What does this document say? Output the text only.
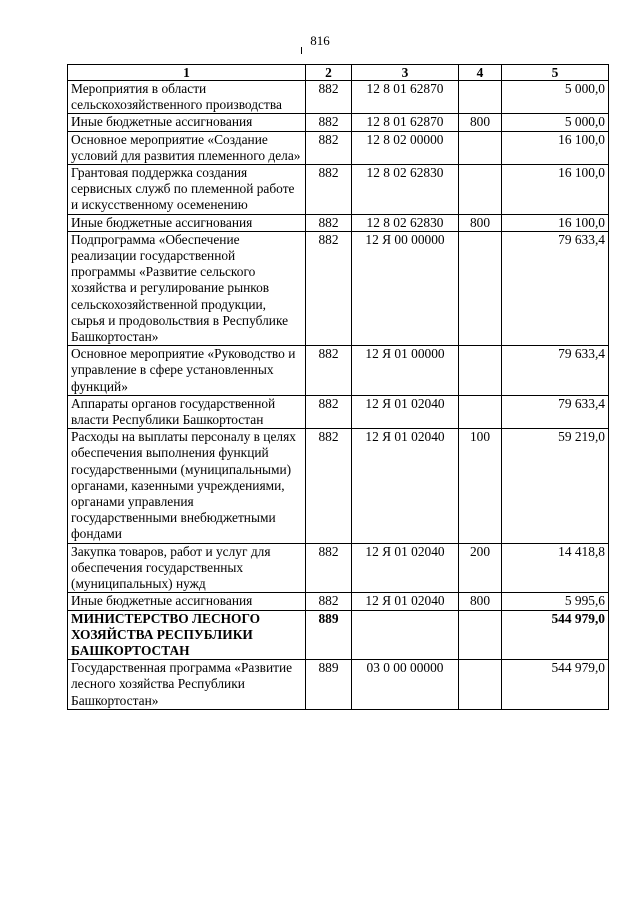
816
1	2	3	4	5
Мероприятия в области сельскохозяйственного производства	882	12 8 01 62870		5 000,0
Иные бюджетные ассигнования	882	12 8 01 62870	800	5 000,0
Основное мероприятие «Создание условий для развития племенного дела»	882	12 8 02 00000		16 100,0
Грантовая поддержка создания сервисных служб по племенной работе и искусственному осеменению	882	12 8 02 62830		16 100,0
Иные бюджетные ассигнования	882	12 8 02 62830	800	16 100,0
Подпрограмма «Обеспечение реализации государственной программы «Развитие сельского хозяйства и регулирование рынков сельскохозяйственной продукции, сырья и продовольствия в Республике Башкортостан»	882	12 Я 00 00000		79 633,4
Основное мероприятие «Руководство и управление в сфере установленных функций»	882	12 Я 01 00000		79 633,4
Аппараты органов государственной власти Республики Башкортостан	882	12 Я 01 02040		79 633,4
Расходы на выплаты персоналу в целях обеспечения выполнения функций государственными (муниципальными) органами, казенными учреждениями, органами управления государственными внебюджетными фондами	882	12 Я 01 02040	100	59 219,0
Закупка товаров, работ и услуг для обеспечения государственных (муниципальных) нужд	882	12 Я 01 02040	200	14 418,8
Иные бюджетные ассигнования	882	12 Я 01 02040	800	5 995,6
МИНИСТЕРСТВО ЛЕСНОГО ХОЗЯЙСТВА РЕСПУБЛИКИ БАШКОРТОСТАН	889			544 979,0
Государственная программа «Развитие лесного хозяйства Республики Башкортостан»	889	03 0 00 00000		544 979,0
